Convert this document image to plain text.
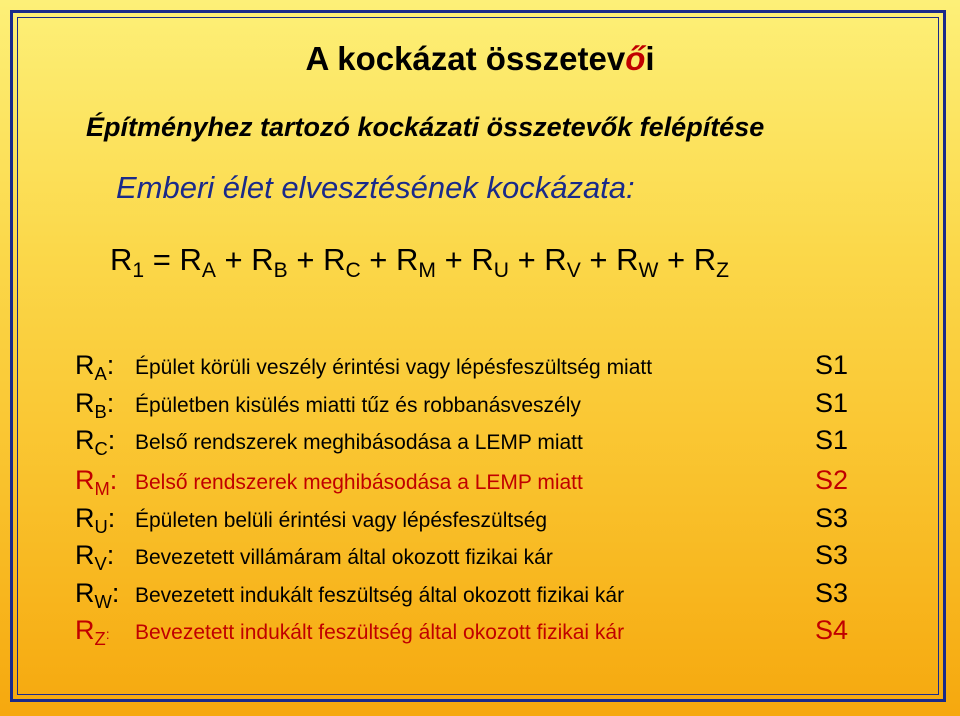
A kockázat összetevői
Építményhez tartozó kockázati összetevők felépítése
Emberi élet elvesztésének kockázata:
$R_1 = R_A + R_B + R_C + R_M + R_U + R_V + R_W + R_Z$
$R_A$: Épület körüli veszély érintési vagy lépésfeszültség miatt	S1
$R_B$: Épületben kisülés miatti tűz és robbanásveszély	S1
$R_C$: Belső rendszerek meghibásodása a LEMP miatt	S1
$R_M$: Belső rendszerek meghibásodása a LEMP miatt	S2
$R_U$: Épületen belüli érintési vagy lépésfeszültség	S3
$R_V$: Bevezetett villámáram által okozott fizikai kár	S3
$R_W$: Bevezetett indukált feszültség által okozott fizikai kár	S3
$R_Z$: Bevezetett indukált feszültség által okozott fizikai kár	S4
